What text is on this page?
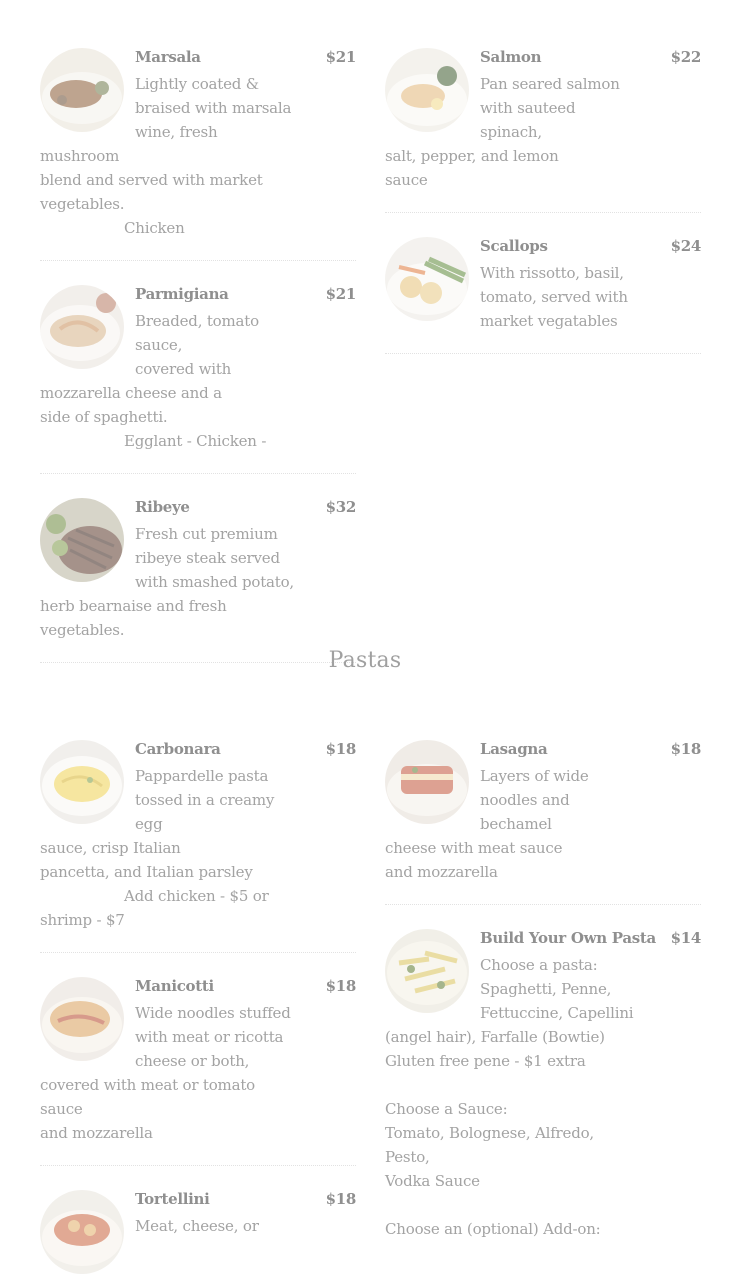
Marsala	$21
Lightly coated &
braised with marsala
wine, fresh mushroom
blend and served with market
vegetables.
Chicken
Parmigiana	$21
Breaded, tomato sauce,
covered with
mozzarella cheese and a
side of spaghetti.
Egglant - Chicken -
Ribeye	$32
Fresh cut premium
ribeye steak served
with smashed potato,
herb bearnaise and fresh vegetables.
Salmon	$22
Pan seared salmon
with sauteed spinach,
salt, pepper, and lemon
sauce
Scallops	$24
With rissotto, basil,
tomato, served with
market vegatables
Pastas
Carbonara	$18
Pappardelle pasta
tossed in a creamy egg
sauce, crisp Italian
pancetta, and Italian parsley
Add chicken - $5 or
shrimp - $7
Manicotti	$18
Wide noodles stuffed
with meat or ricotta
cheese or both,
covered with meat or tomato sauce
and mozzarella
Tortellini	$18
Meat, cheese, or
Lasagna	$18
Layers of wide
noodles and bechamel
cheese with meat sauce
and mozzarella
Build Your Own Pasta $14
Choose a pasta:
Spaghetti, Penne,
Fettuccine, Capellini
(angel hair), Farfalle (Bowtie)
Gluten free pene - $1 extra
Choose a Sauce:
Tomato, Bolognese, Alfredo, Pesto,
Vodka Sauce
Choose an (optional) Add-on:
